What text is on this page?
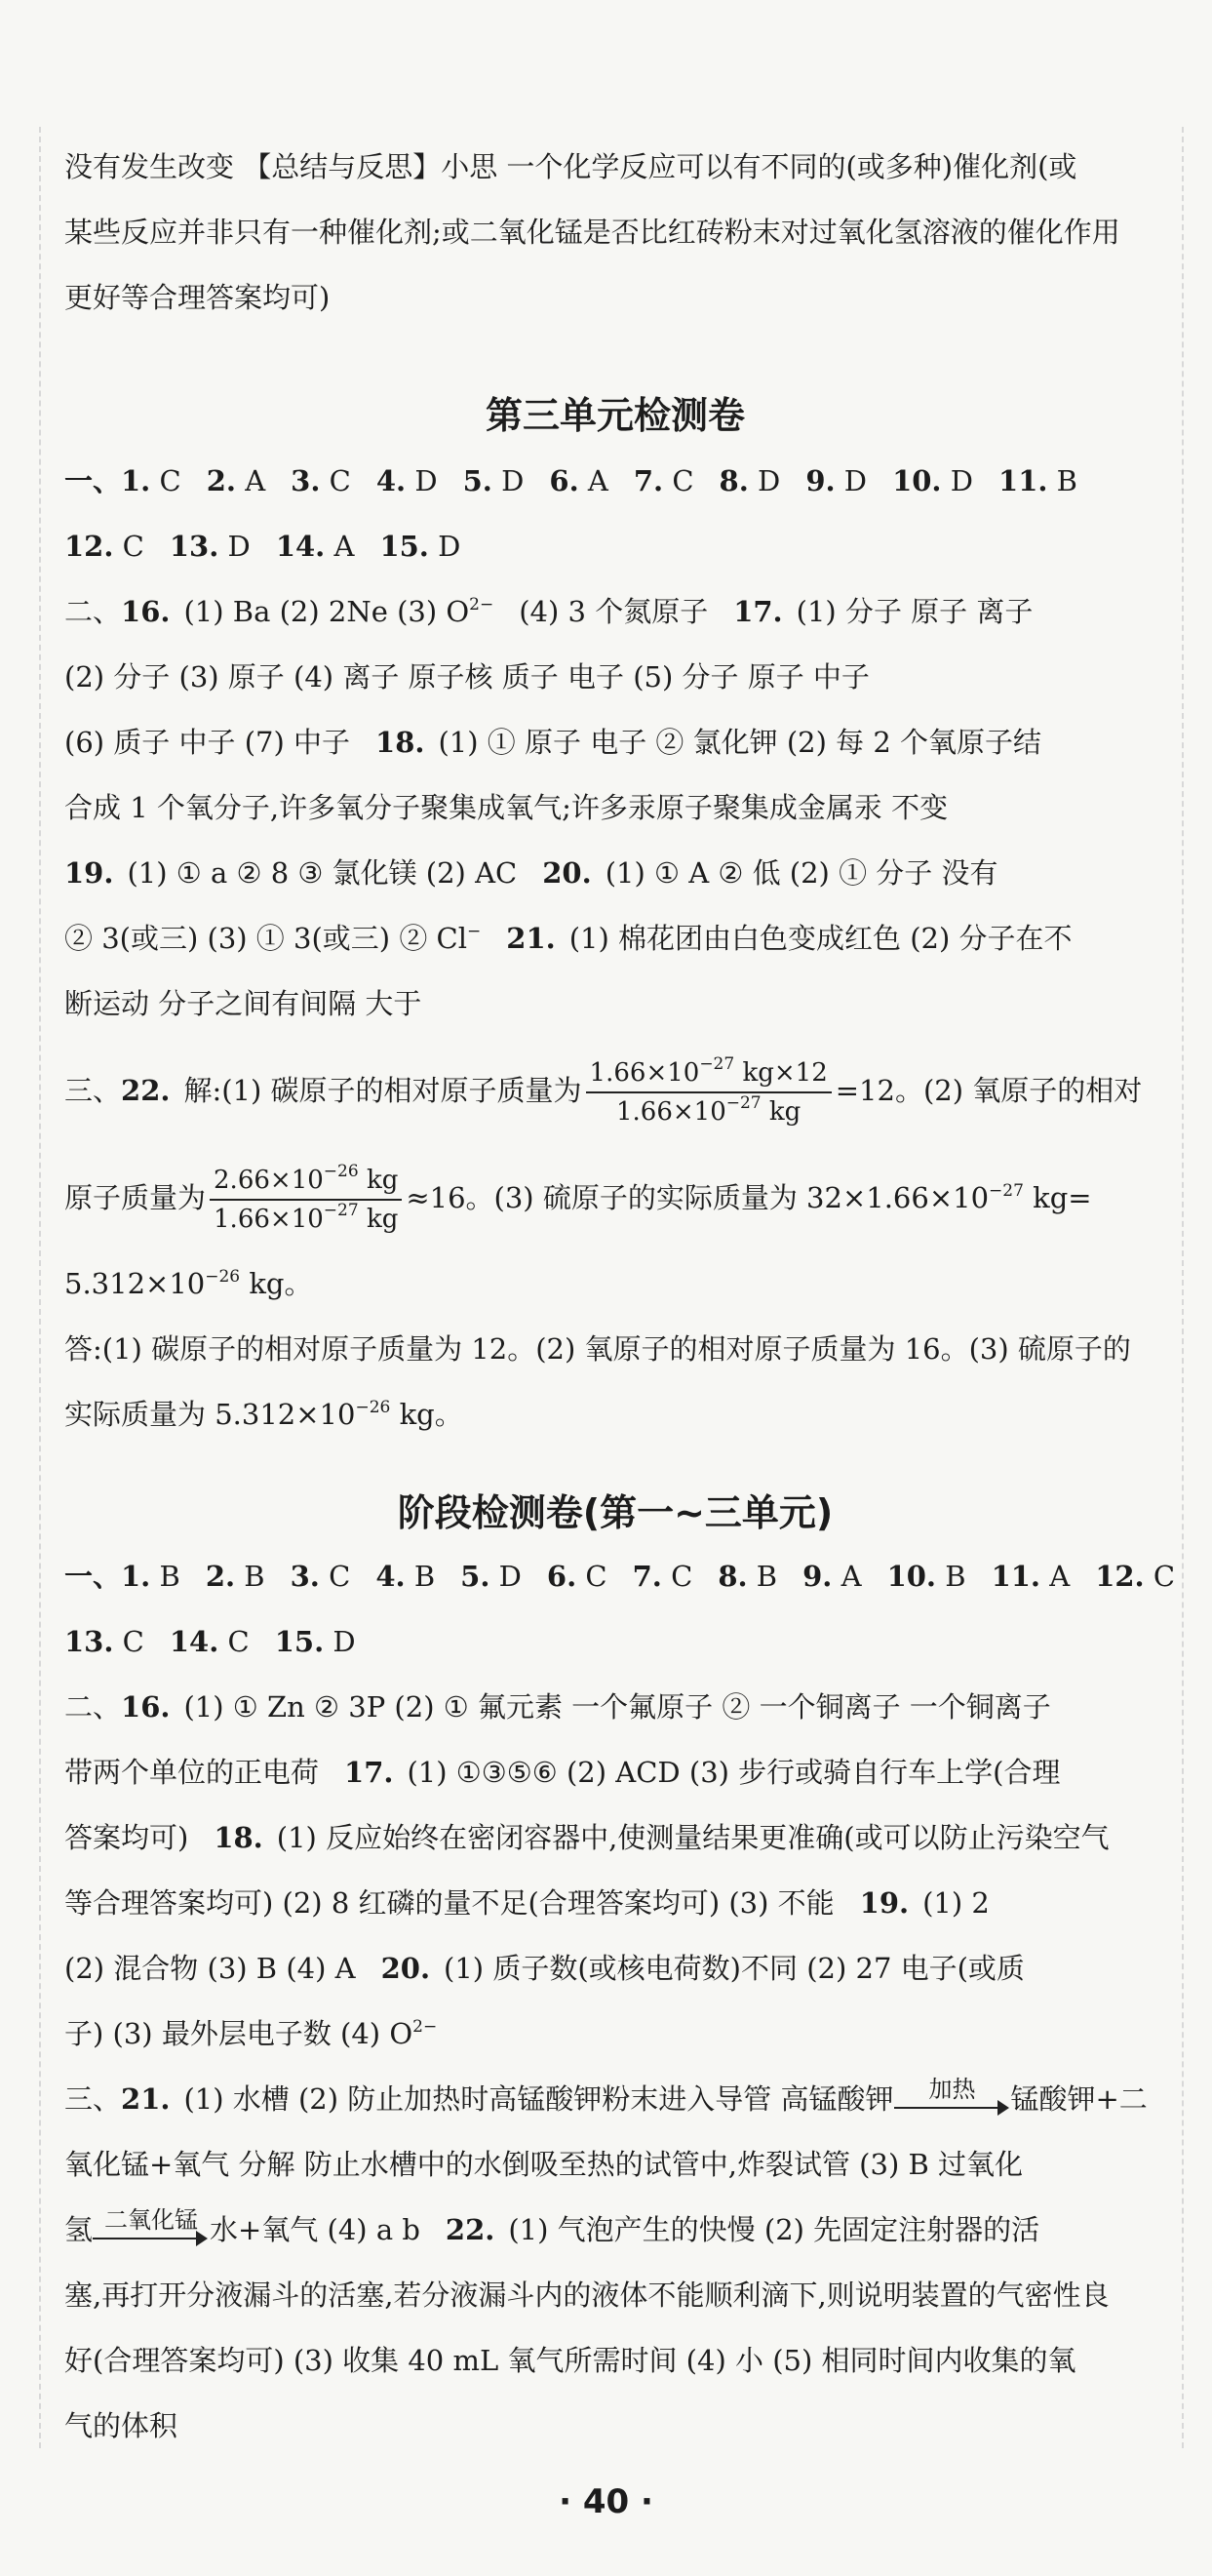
没有发生改变 【总结与反思】小思 一个化学反应可以有不同的(或多种)催化剂(或

某些反应并非只有一种催化剂;或二氧化锰是否比红砖粉末对过氧化氢溶液的催化作用

更好等合理答案均可)

第三单元检测卷

一、1. C 2. A 3. C 4. D 5. D 6. A 7. C 8. D 9. D 10. D 11. B

12. C 13. D 14. A 15. D

二、16. (1) Ba (2) 2Ne (3) $O^{2-}$ (4) 3 个氮原子 17. (1) 分子 原子 离子

(2) 分子 (3) 原子 (4) 离子 原子核 质子 电子 (5) 分子 原子 中子

(6) 质子 中子 (7) 中子 18. (1) ① 原子 电子 ② 氯化钾 (2) 每 2 个氧原子结

合成 1 个氧分子,许多氧分子聚集成氧气;许多汞原子聚集成金属汞 不变

19. (1) ① a ② 8 ③ 氯化镁 (2) AC 20. (1) ① A ② 低 (2) ① 分子 没有

② 3(或三) (3) ① 3(或三) ② Cl− 21. (1) 棉花团由白色变成红色 (2) 分子在不

断运动 分子之间有间隔 大于

三、22. 解:(1) 碳原子的相对原子质量为 $\frac{1.66\times 10^{-27} kg\times 12}{1.66\times 10^{-27} kg} =12$。(2) 氧原子的相对

原子质量为 $\frac{2.66\times 10^{-26} kg}{1.66\times 10^{-27} kg} \approx 16$。(3) 硫原子的实际质量为 $32\times 1.66\times 10^{-27}$ kg=

$5.312\times 10^{-26}$ kg。

答:(1) 碳原子的相对原子质量为 12。(2) 氧原子的相对原子质量为 16。(3) 硫原子的

实际质量为 $5.312\times 10^{-26}$ kg。

阶段检测卷(第一~三单元)

一、1. B 2. B 3. C 4. B 5. D 6. C 7. C 8. B 9. A 10. B 11. A 12. C

13. C 14. C 15. D

二、16. (1) ① Zn ② 3P (2) ① 氟元素 一个氟原子 ② 一个铜离子 一个铜离子

带两个单位的正电荷 17. (1) ①③⑤⑥ (2) ACD (3) 步行或骑自行车上学(合理

答案均可) 18. (1) 反应始终在密闭容器中,使测量结果更准确(或可以防止污染空气

等合理答案均可) (2) 8 红磷的量不足(合理答案均可) (3) 不能 19. (1) 2

(2) 混合物 (3) B (4) A 20. (1) 质子数(或核电荷数)不同 (2) 27 电子(或质

子) (3) 最外层电子数 (4) $O^{2-}$

三、21. (1) 水槽 (2) 防止加热时高锰酸钾粉末进入导管 高锰酸钾	加热	锰酸钾+二

氧化锰+氧气 分解 防止水槽中的水倒吸至热的试管中,炸裂试管 (3) B 过氧化

氢 二氧化锰 水+氧气 (4) a b 22. (1) 气泡产生的快慢 (2) 先固定注射器的活

塞,再打开分液漏斗的活塞,若分液漏斗内的液体不能顺利滴下,则说明装置的气密性良

好(合理答案均可) (3) 收集 40 mL 氧气所需时间 (4) 小 (5) 相同时间内收集的氧

气的体积

· 40 ·
